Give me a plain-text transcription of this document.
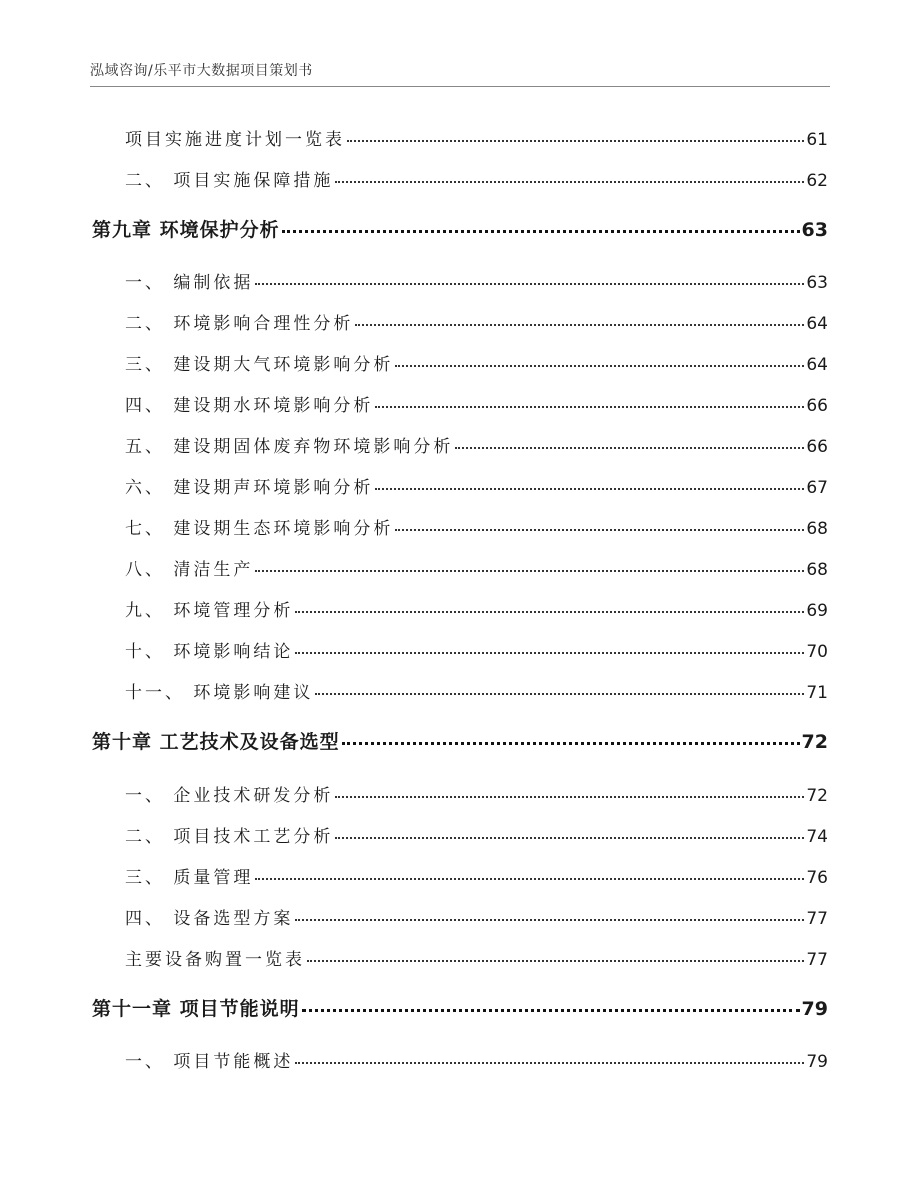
泓域咨询/乐平市大数据项目策划书
项目实施进度计划一览表	61
二、 项目实施保障措施	62
第九章 环境保护分析	63
一、 编制依据	63
二、 环境影响合理性分析	64
三、 建设期大气环境影响分析	64
四、 建设期水环境影响分析	66
五、 建设期固体废弃物环境影响分析	66
六、 建设期声环境影响分析	67
七、 建设期生态环境影响分析	68
八、 清洁生产	68
九、 环境管理分析	69
十、 环境影响结论	70
十一、 环境影响建议	71
第十章 工艺技术及设备选型	72
一、 企业技术研发分析	72
二、 项目技术工艺分析	74
三、 质量管理	76
四、 设备选型方案	77
主要设备购置一览表	77
第十一章 项目节能说明	79
一、 项目节能概述	79
